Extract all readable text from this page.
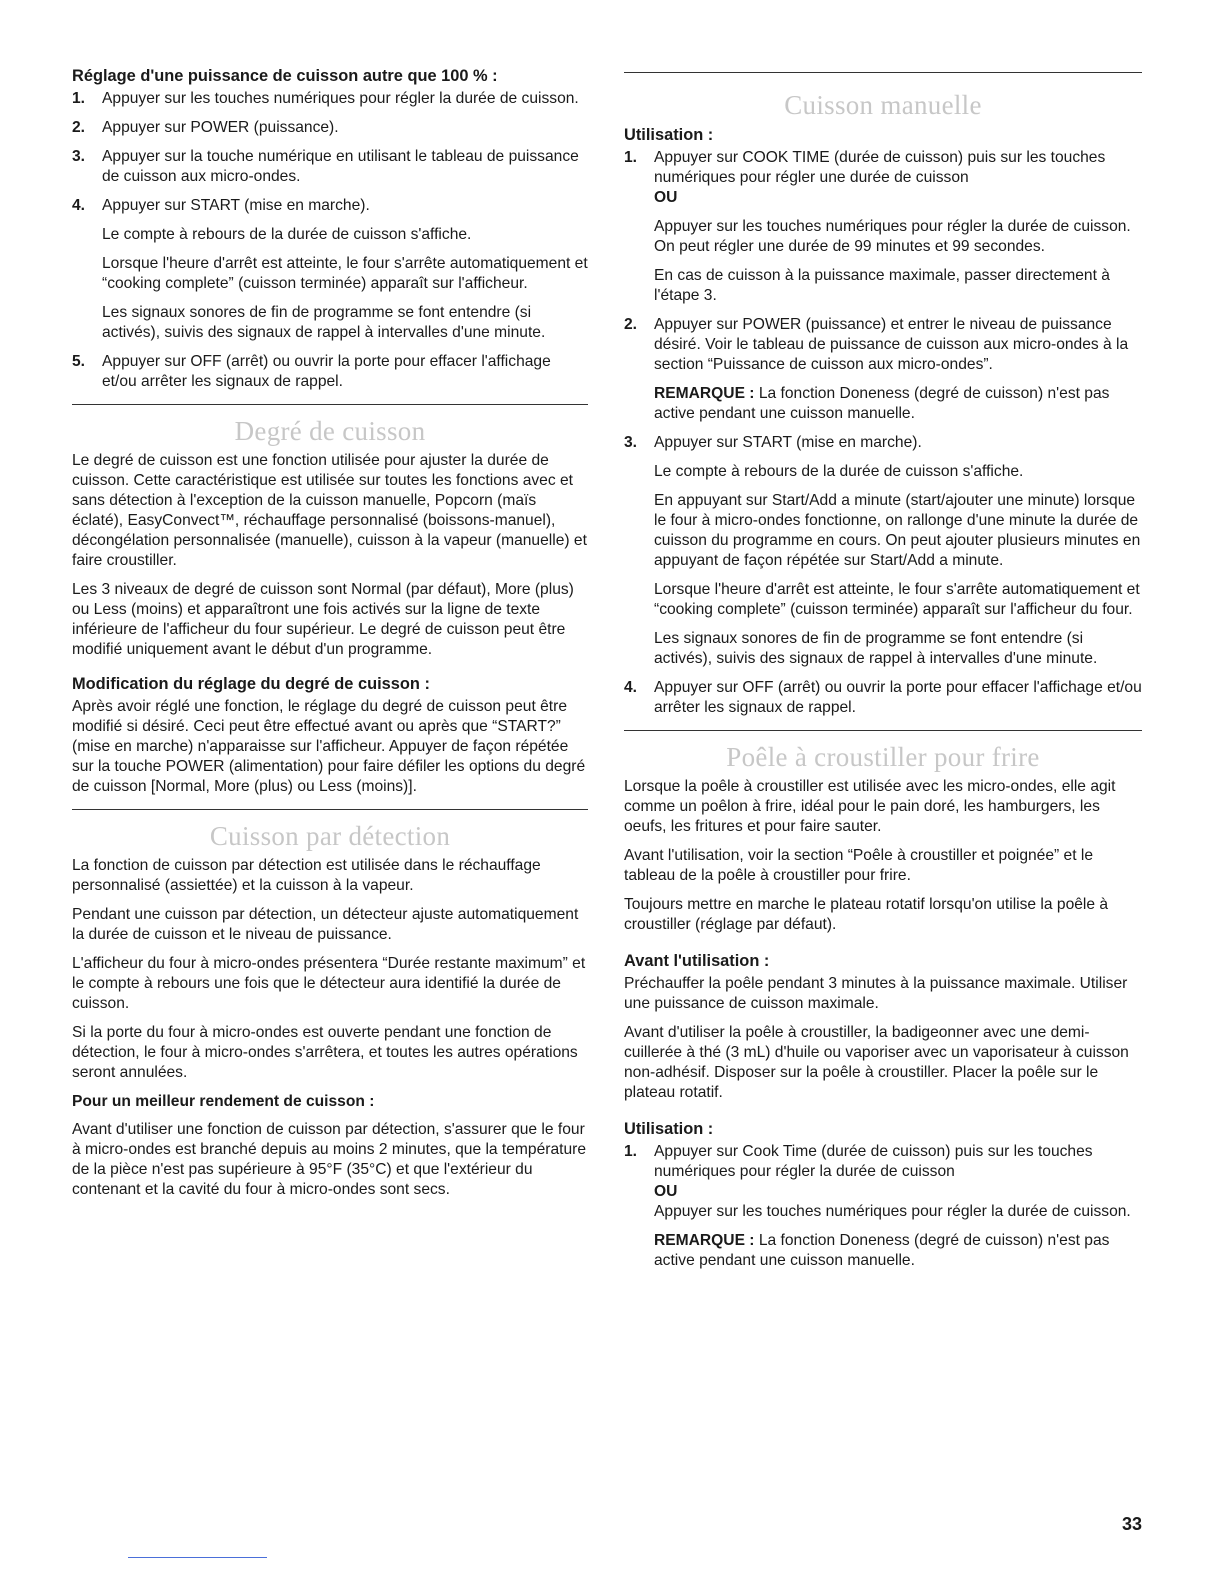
Réglage d'une puissance de cuisson autre que 100 % :
1. Appuyer sur les touches numériques pour régler la durée de cuisson.

2. Appuyer sur POWER (puissance).

3. Appuyer sur la touche numérique en utilisant le tableau de puissance de cuisson aux micro-ondes.

4. Appuyer sur START (mise en marche).

Le compte à rebours de la durée de cuisson s'affiche.

Lorsque l'heure d'arrêt est atteinte, le four s'arrête automatiquement et “cooking complete” (cuisson terminée) apparaît sur l'afficheur.

Les signaux sonores de fin de programme se font entendre (si activés), suivis des signaux de rappel à intervalles d'une minute.

5. Appuyer sur OFF (arrêt) ou ouvrir la porte pour effacer l'affichage et/ou arrêter les signaux de rappel.

Degré de cuisson

Le degré de cuisson est une fonction utilisée pour ajuster la durée de cuisson. Cette caractéristique est utilisée sur toutes les fonctions avec et sans détection à l'exception de la cuisson manuelle, Popcorn (maïs éclaté), EasyConvect™, réchauffage personnalisé (boissons-manuel), décongélation personnalisée (manuelle), cuisson à la vapeur (manuelle) et faire croustiller.

Les 3 niveaux de degré de cuisson sont Normal (par défaut), More (plus) ou Less (moins) et apparaîtront une fois activés sur la ligne de texte inférieure de l'afficheur du four supérieur. Le degré de cuisson peut être modifié uniquement avant le début d'un programme.

Modification du réglage du degré de cuisson :

Après avoir réglé une fonction, le réglage du degré de cuisson peut être modifié si désiré. Ceci peut être effectué avant ou après que “START?” (mise en marche) n'apparaisse sur l'afficheur. Appuyer de façon répétée sur la touche POWER (alimentation) pour faire défiler les options du degré de cuisson [Normal, More (plus) ou Less (moins)].

Cuisson par détection

La fonction de cuisson par détection est utilisée dans le réchauffage personnalisé (assiettée) et la cuisson à la vapeur.

Pendant une cuisson par détection, un détecteur ajuste automatiquement la durée de cuisson et le niveau de puissance.

L'afficheur du four à micro-ondes présentera “Durée restante maximum” et le compte à rebours une fois que le détecteur aura identifié la durée de cuisson.

Si la porte du four à micro-ondes est ouverte pendant une fonction de détection, le four à micro-ondes s'arrêtera, et toutes les autres opérations seront annulées.

Pour un meilleur rendement de cuisson :

Avant d'utiliser une fonction de cuisson par détection, s'assurer que le four à micro-ondes est branché depuis au moins 2 minutes, que la température de la pièce n'est pas supérieure à 95°F (35°C) et que l'extérieur du contenant et la cavité du four à micro-ondes sont secs.

Cuisson manuelle
Utilisation :
1. Appuyer sur COOK TIME (durée de cuisson) puis sur les touches numériques pour régler une durée de cuisson

OU

Appuyer sur les touches numériques pour régler la durée de cuisson. On peut régler une durée de 99 minutes et 99 secondes.

En cas de cuisson à la puissance maximale, passer directement à l'étape 3.

2. Appuyer sur POWER (puissance) et entrer le niveau de puissance désiré. Voir le tableau de puissance de cuisson aux micro-ondes à la section “Puissance de cuisson aux micro-ondes”.

REMARQUE : La fonction Doneness (degré de cuisson) n'est pas active pendant une cuisson manuelle.

3. Appuyer sur START (mise en marche).

Le compte à rebours de la durée de cuisson s'affiche.

En appuyant sur Start/Add a minute (start/ajouter une minute) lorsque le four à micro-ondes fonctionne, on rallonge d'une minute la durée de cuisson du programme en cours. On peut ajouter plusieurs minutes en appuyant de façon répétée sur Start/Add a minute.

Lorsque l'heure d'arrêt est atteinte, le four s'arrête automatiquement et “cooking complete” (cuisson terminée) apparaît sur l'afficheur du four.

Les signaux sonores de fin de programme se font entendre (si activés), suivis des signaux de rappel à intervalles d'une minute.

4. Appuyer sur OFF (arrêt) ou ouvrir la porte pour effacer l'affichage et/ou arrêter les signaux de rappel.

Poêle à croustiller pour frire

Lorsque la poêle à croustiller est utilisée avec les micro-ondes, elle agit comme un poêlon à frire, idéal pour le pain doré, les hamburgers, les oeufs, les fritures et pour faire sauter.

Avant l'utilisation, voir la section “Poêle à croustiller et poignée” et le tableau de la poêle à croustiller pour frire.

Toujours mettre en marche le plateau rotatif lorsqu'on utilise la poêle à croustiller (réglage par défaut).

Avant l'utilisation :

Préchauffer la poêle pendant 3 minutes à la puissance maximale. Utiliser une puissance de cuisson maximale.

Avant d'utiliser la poêle à croustiller, la badigeonner avec une demi-cuillerée à thé (3 mL) d'huile ou vaporiser avec un vaporisateur à cuisson non-adhésif. Disposer sur la poêle à croustiller. Placer la poêle sur le plateau rotatif.

Utilisation :
1. Appuyer sur Cook Time (durée de cuisson) puis sur les touches numériques pour régler la durée de cuisson

OU

Appuyer sur les touches numériques pour régler la durée de cuisson.

REMARQUE : La fonction Doneness (degré de cuisson) n'est pas active pendant une cuisson manuelle.

33
